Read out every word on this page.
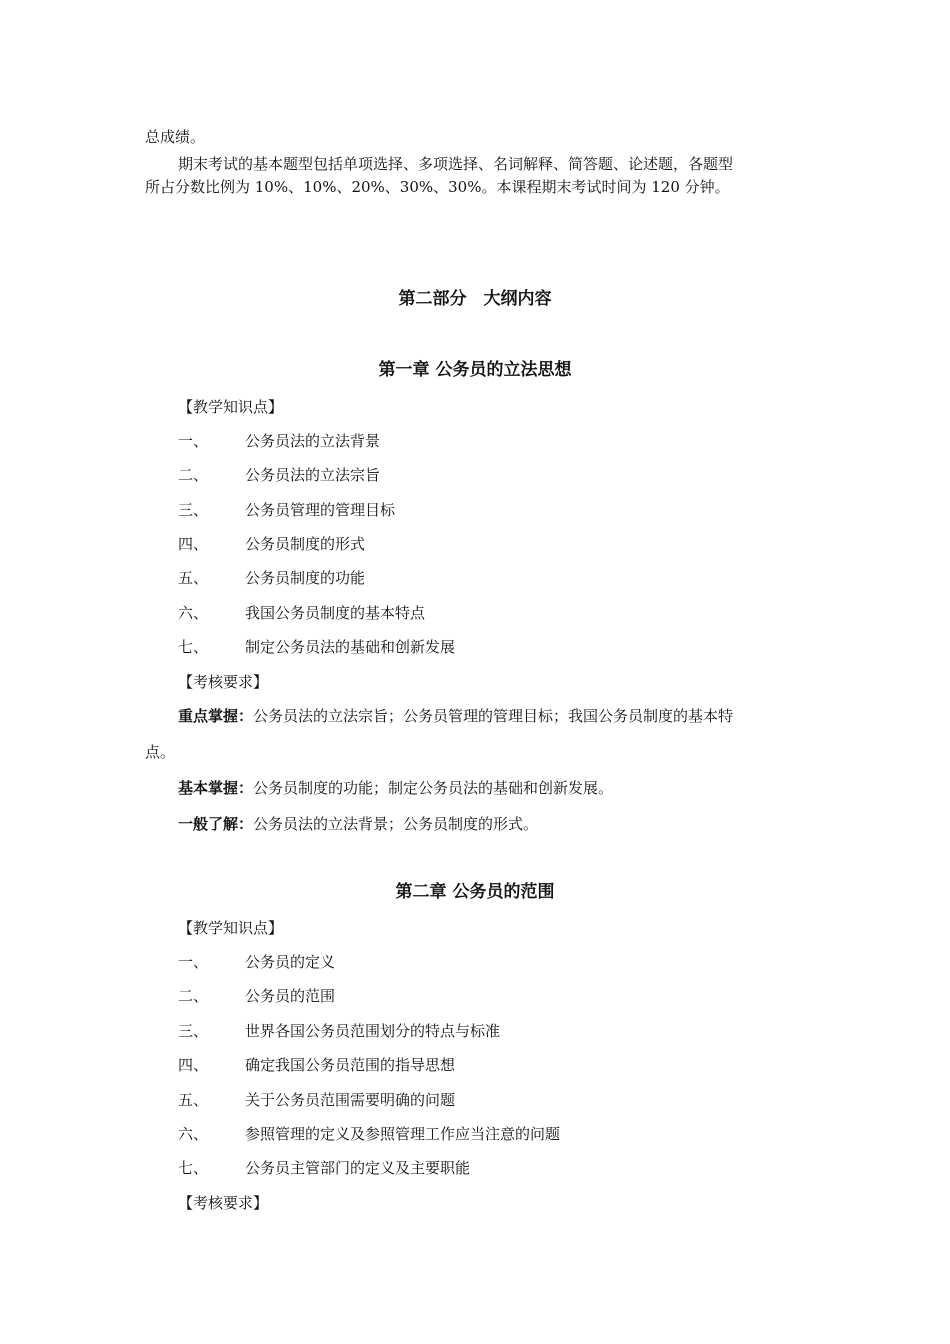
总成绩。
期末考试的基本题型包括单项选择、多项选择、名词解释、简答题、论述题，各题型
所占分数比例为 10%、10%、20%、30%、30%。本课程期末考试时间为 120 分钟。
第二部分　大纲内容
第一章 公务员的立法思想
【教学知识点】
一、 公务员法的立法背景
二、 公务员法的立法宗旨
三、 公务员管理的管理目标
四、 公务员制度的形式
五、 公务员制度的功能
六、 我国公务员制度的基本特点
七、 制定公务员法的基础和创新发展
【考核要求】
重点掌握：公务员法的立法宗旨；公务员管理的管理目标；我国公务员制度的基本特
点。
基本掌握：公务员制度的功能；制定公务员法的基础和创新发展。
一般了解：公务员法的立法背景；公务员制度的形式。
第二章 公务员的范围
【教学知识点】
一、 公务员的定义
二、 公务员的范围
三、 世界各国公务员范围划分的特点与标准
四、 确定我国公务员范围的指导思想
五、 关于公务员范围需要明确的问题
六、 参照管理的定义及参照管理工作应当注意的问题
七、 公务员主管部门的定义及主要职能
【考核要求】
